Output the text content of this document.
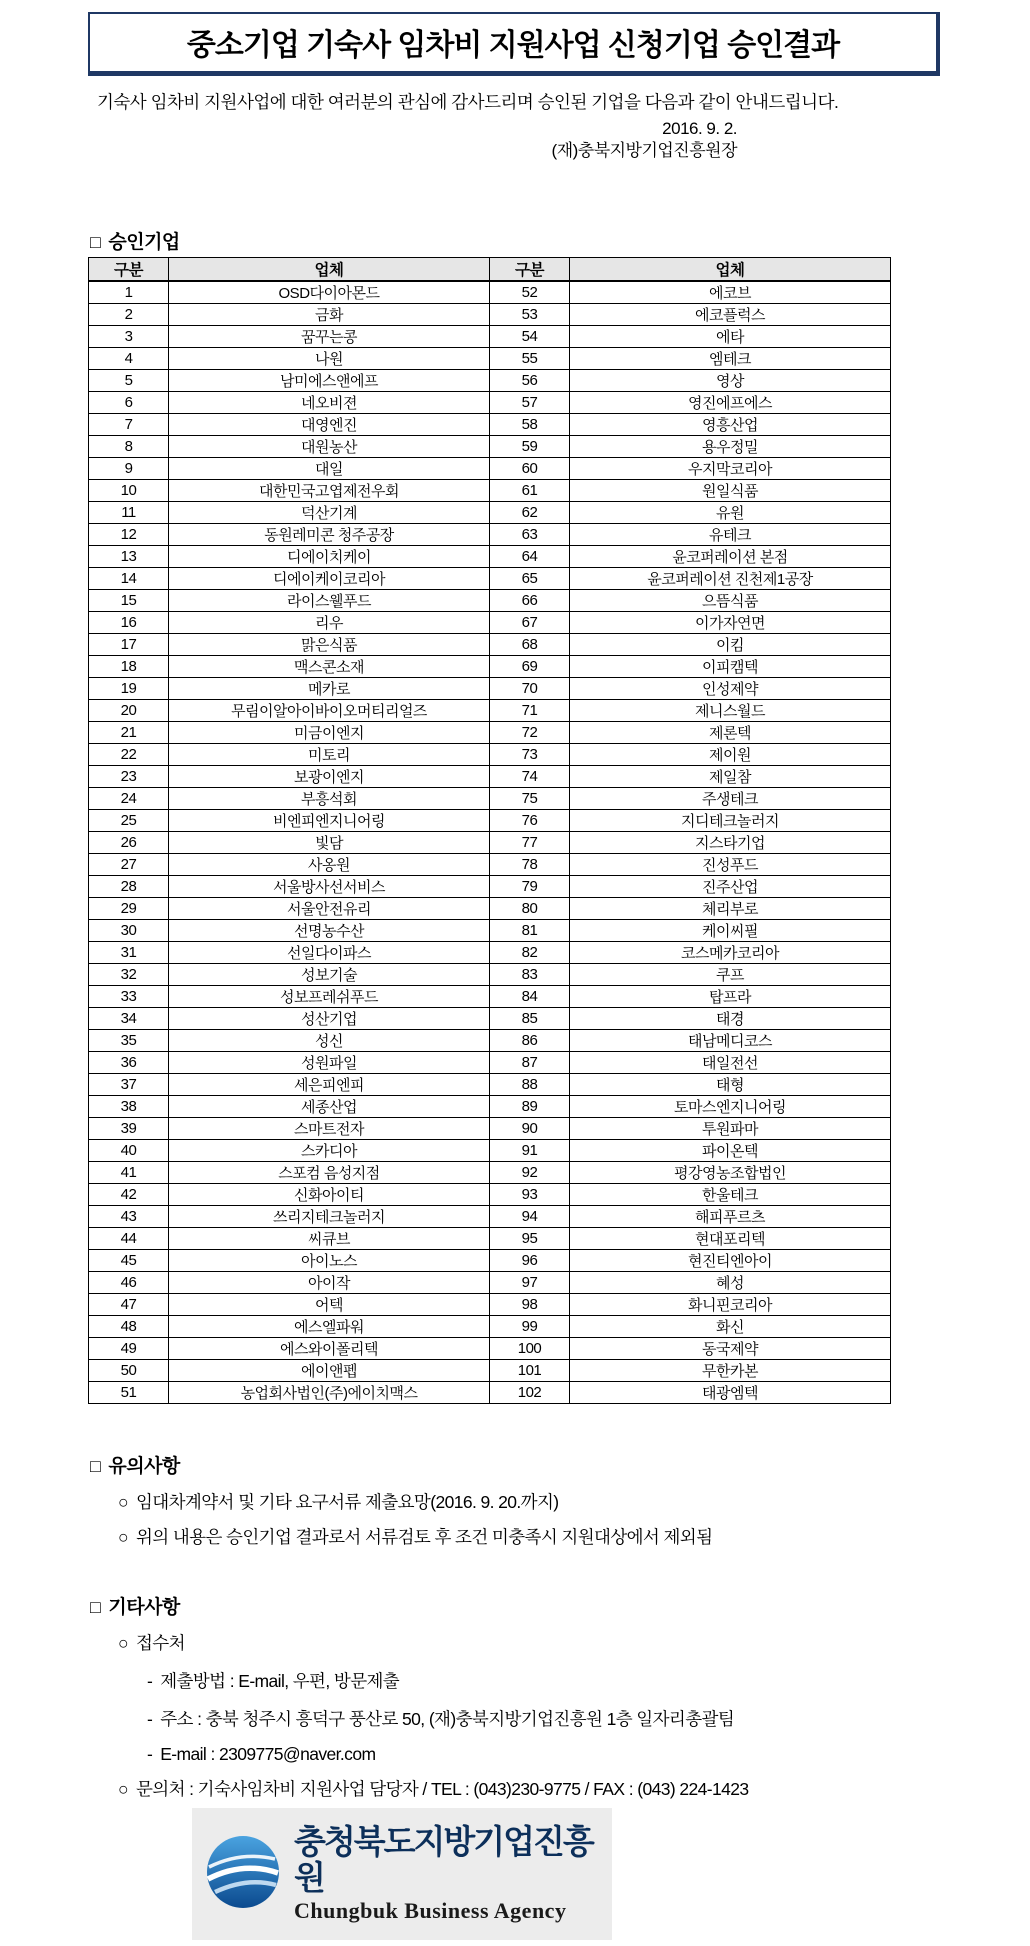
중소기업 기숙사 임차비 지원사업 신청기업 승인결과
기숙사 임차비 지원사업에 대한 여러분의 관심에 감사드리며 승인된 기업을 다음과 같이 안내드립니다.
2016. 9. 2.
(재)충북지방기업진흥원장
□ 승인기업
구분	업체	구분	업체
1	OSD다이아몬드	52	에코브
2	금화	53	에코플럭스
3	꿈꾸는콩	54	에타
4	나원	55	엠테크
5	남미에스앤에프	56	영상
6	네오비젼	57	영진에프에스
7	대영엔진	58	영흥산업
8	대원농산	59	용우정밀
9	대일	60	우지막코리아
10	대한민국고엽제전우회	61	원일식품
11	덕산기계	62	유원
12	동원레미콘 청주공장	63	유테크
13	디에이치케이	64	윤코퍼레이션 본점
14	디에이케이코리아	65	윤코퍼레이션 진천제1공장
15	라이스웰푸드	66	으뜸식품
16	리우	67	이가자연면
17	맑은식품	68	이킴
18	맥스콘소재	69	이피캠텍
19	메카로	70	인성제약
20	무림이알아이바이오머티리얼즈	71	제니스월드
21	미금이엔지	72	제론텍
22	미토리	73	제이원
23	보광이엔지	74	제일참
24	부흥석회	75	주생테크
25	비엔피엔지니어링	76	지디테크놀러지
26	빛담	77	지스타기업
27	사옹원	78	진성푸드
28	서울방사선서비스	79	진주산업
29	서울안전유리	80	체리부로
30	선명농수산	81	케이씨필
31	선일다이파스	82	코스메카코리아
32	성보기술	83	쿠프
33	성보프레쉬푸드	84	탑프라
34	성산기업	85	태경
35	성신	86	태남메디코스
36	성원파일	87	태일전선
37	세은피엔피	88	태형
38	세종산업	89	토마스엔지니어링
39	스마트전자	90	투원파마
40	스카디아	91	파이온텍
41	스포컴 음성지점	92	평강영농조합법인
42	신화아이티	93	한울테크
43	쓰리지테크놀러지	94	해피푸르츠
44	씨큐브	95	현대포리텍
45	아이노스	96	현진티엔아이
46	아이작	97	혜성
47	어텍	98	화니핀코리아
48	에스엘파워	99	화신
49	에스와이폴리텍	100	동국제약
50	에이앤펩	101	무한카본
51	농업회사법인(주)에이치맥스	102	태광엠텍
□ 유의사항
○ 임대차계약서 및 기타 요구서류 제출요망(2016. 9. 20.까지)
○ 위의 내용은 승인기업 결과로서 서류검토 후 조건 미충족시 지원대상에서 제외됨
□ 기타사항
○ 접수처
- 제출방법 : E-mail, 우편, 방문제출
- 주소 : 충북 청주시 흥덕구 풍산로 50, (재)충북지방기업진흥원 1층 일자리총괄팀
- E-mail : 2309775@naver.com
○ 문의처 : 기숙사임차비 지원사업 담당자 / TEL : (043)230-9775 / FAX : (043) 224-1423
충청북도지방기업진흥원
Chungbuk Business Agency
